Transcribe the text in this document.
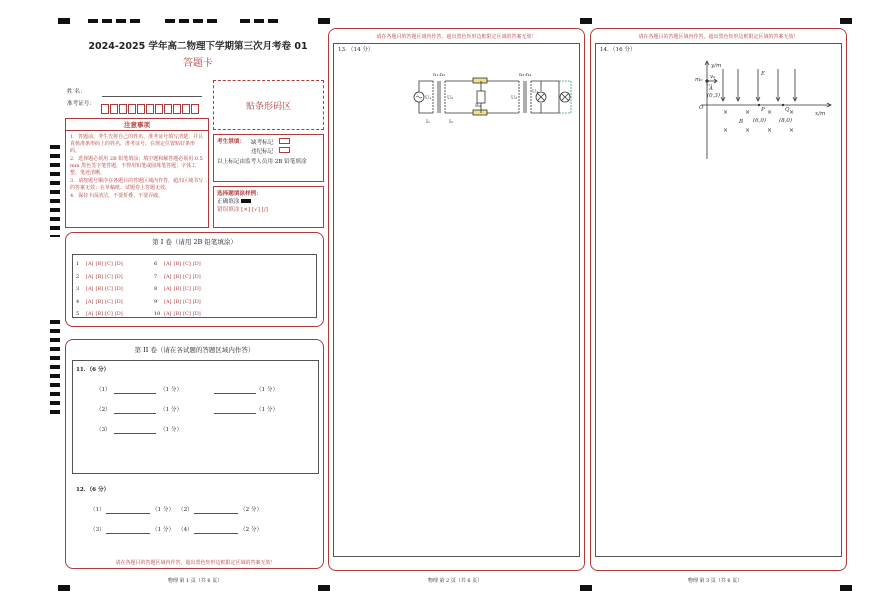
2024-2025 学年高二物理下学期第三次月考卷 01
答题卡
姓 名：
准考证号：	贴条形码区
注意事项

1．答题前，考生先将自己的姓名、准考证号填写清楚，并认真核准条形码上的姓名、准考证号，在规定位置贴好条形码。

2．选择题必须用 2B 铅笔填涂；填空题和解答题必须用 0.5 mm 黑色签字笔答题，不得用铅笔或圆珠笔答题；字体工整、笔迹清晰。

3．请按题号顺序在各题目的答题区域内作答，超出区域书写的答案无效；在草稿纸、试题卷上答题无效。

4．保持卡面清洁，不要折叠、不要弄破。

考生禁填： 缺考标记
违纪标记
以上标记由监考人员用 2B 铅笔填涂
选择题填涂样例：
正确填涂
错误填涂 [×] [√] [/]
第 I 卷（请用 2B 铅笔填涂）
1 [A] [B] [C] [D]
2 [A] [B] [C] [D]
3 [A] [B] [C] [D]
4 [A] [B] [C] [D]
5 [A] [B] [C] [D]
6 [A] [B] [C] [D]
7 [A] [B] [C] [D]
8 [A] [B] [C] [D]
9 [A] [B] [C] [D]
10 [A] [B] [C] [D]
第 II 卷（请在各试题的答题区域内作答）
11．（6 分）
（1）	（1 分）	（1 分）
（2）	（1 分）	（1 分）
（3）	（1 分）
12．（6 分）
（1）	（1 分） （2）	（2 分）
（3）	（1 分） （4）	（2 分）
请在各题目的答题区域内作答，超出黑色矩形边框限定区域的答案无效！
物理 第 1 页（共 6 页）
请在各题目的答题区域内作答，超出黑色矩形边框限定区域的答案无效！
13．（14 分）
n₁:n₂	n₃:n₄
U₁	U₂
R₀
U₃
U₄
I₁	I₂
物理 第 2 页（共 6 页）
请在各题目的答题区域内作答，超出黑色矩形边框限定区域的答案无效！
14．（16 分）
×	×	×	×
×	×	×	×
y/m
x/m
E
m₀ v₀
A
(0,3)
O
B
P
(6,0)
Q
(8,0)
物理 第 3 页（共 6 页）
